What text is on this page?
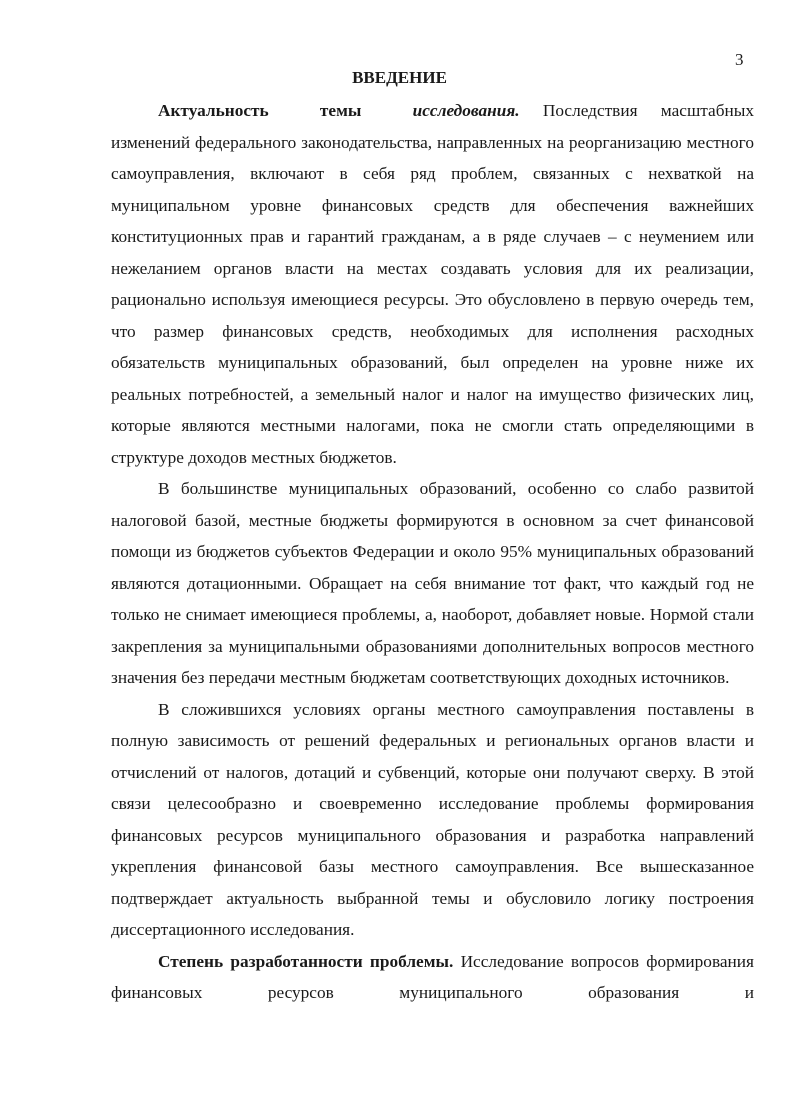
3
ВВЕДЕНИЕ

Актуальность темы	исследования. Последствия масштабных изменений федерального законодательства, направленных на реорганизацию местного самоуправления, включают в себя ряд проблем, связанных с нехваткой на муниципальном уровне финансовых средств для обеспечения важнейших конституционных прав и гарантий гражданам, а в ряде случаев – с неумением или нежеланием органов власти на местах создавать условия для их реализации, рационально используя имеющиеся ресурсы. Это обусловлено в первую очередь тем, что размер финансовых средств, необходимых для исполнения расходных обязательств муниципальных образований, был определен на уровне ниже их реальных потребностей, а земельный налог и налог на имущество физических лиц, которые являются местными налогами, пока не смогли стать определяющими в структуре доходов местных бюджетов.

В большинстве муниципальных образований, особенно со слабо развитой налоговой базой, местные бюджеты формируются в основном за счет финансовой помощи из бюджетов субъектов Федерации и около 95% муниципальных образований являются дотационными. Обращает на себя внимание тот факт, что каждый год не только не снимает имеющиеся проблемы, а, наоборот, добавляет новые. Нормой стали закрепления за муниципальными образованиями дополнительных вопросов местного значения без передачи местным бюджетам соответствующих доходных источников.

В сложившихся условиях органы местного самоуправления поставлены в полную зависимость от решений федеральных и региональных органов власти и отчислений от налогов, дотаций и субвенций, которые они получают сверху. В этой связи целесообразно и своевременно исследование проблемы формирования финансовых ресурсов муниципального образования и разработка направлений укрепления финансовой базы местного самоуправления. Все вышесказанное подтверждает актуальность выбранной темы и обусловило логику построения диссертационного исследования.

Степень разработанности проблемы. Исследование вопросов формирования финансовых ресурсов муниципального образования и
